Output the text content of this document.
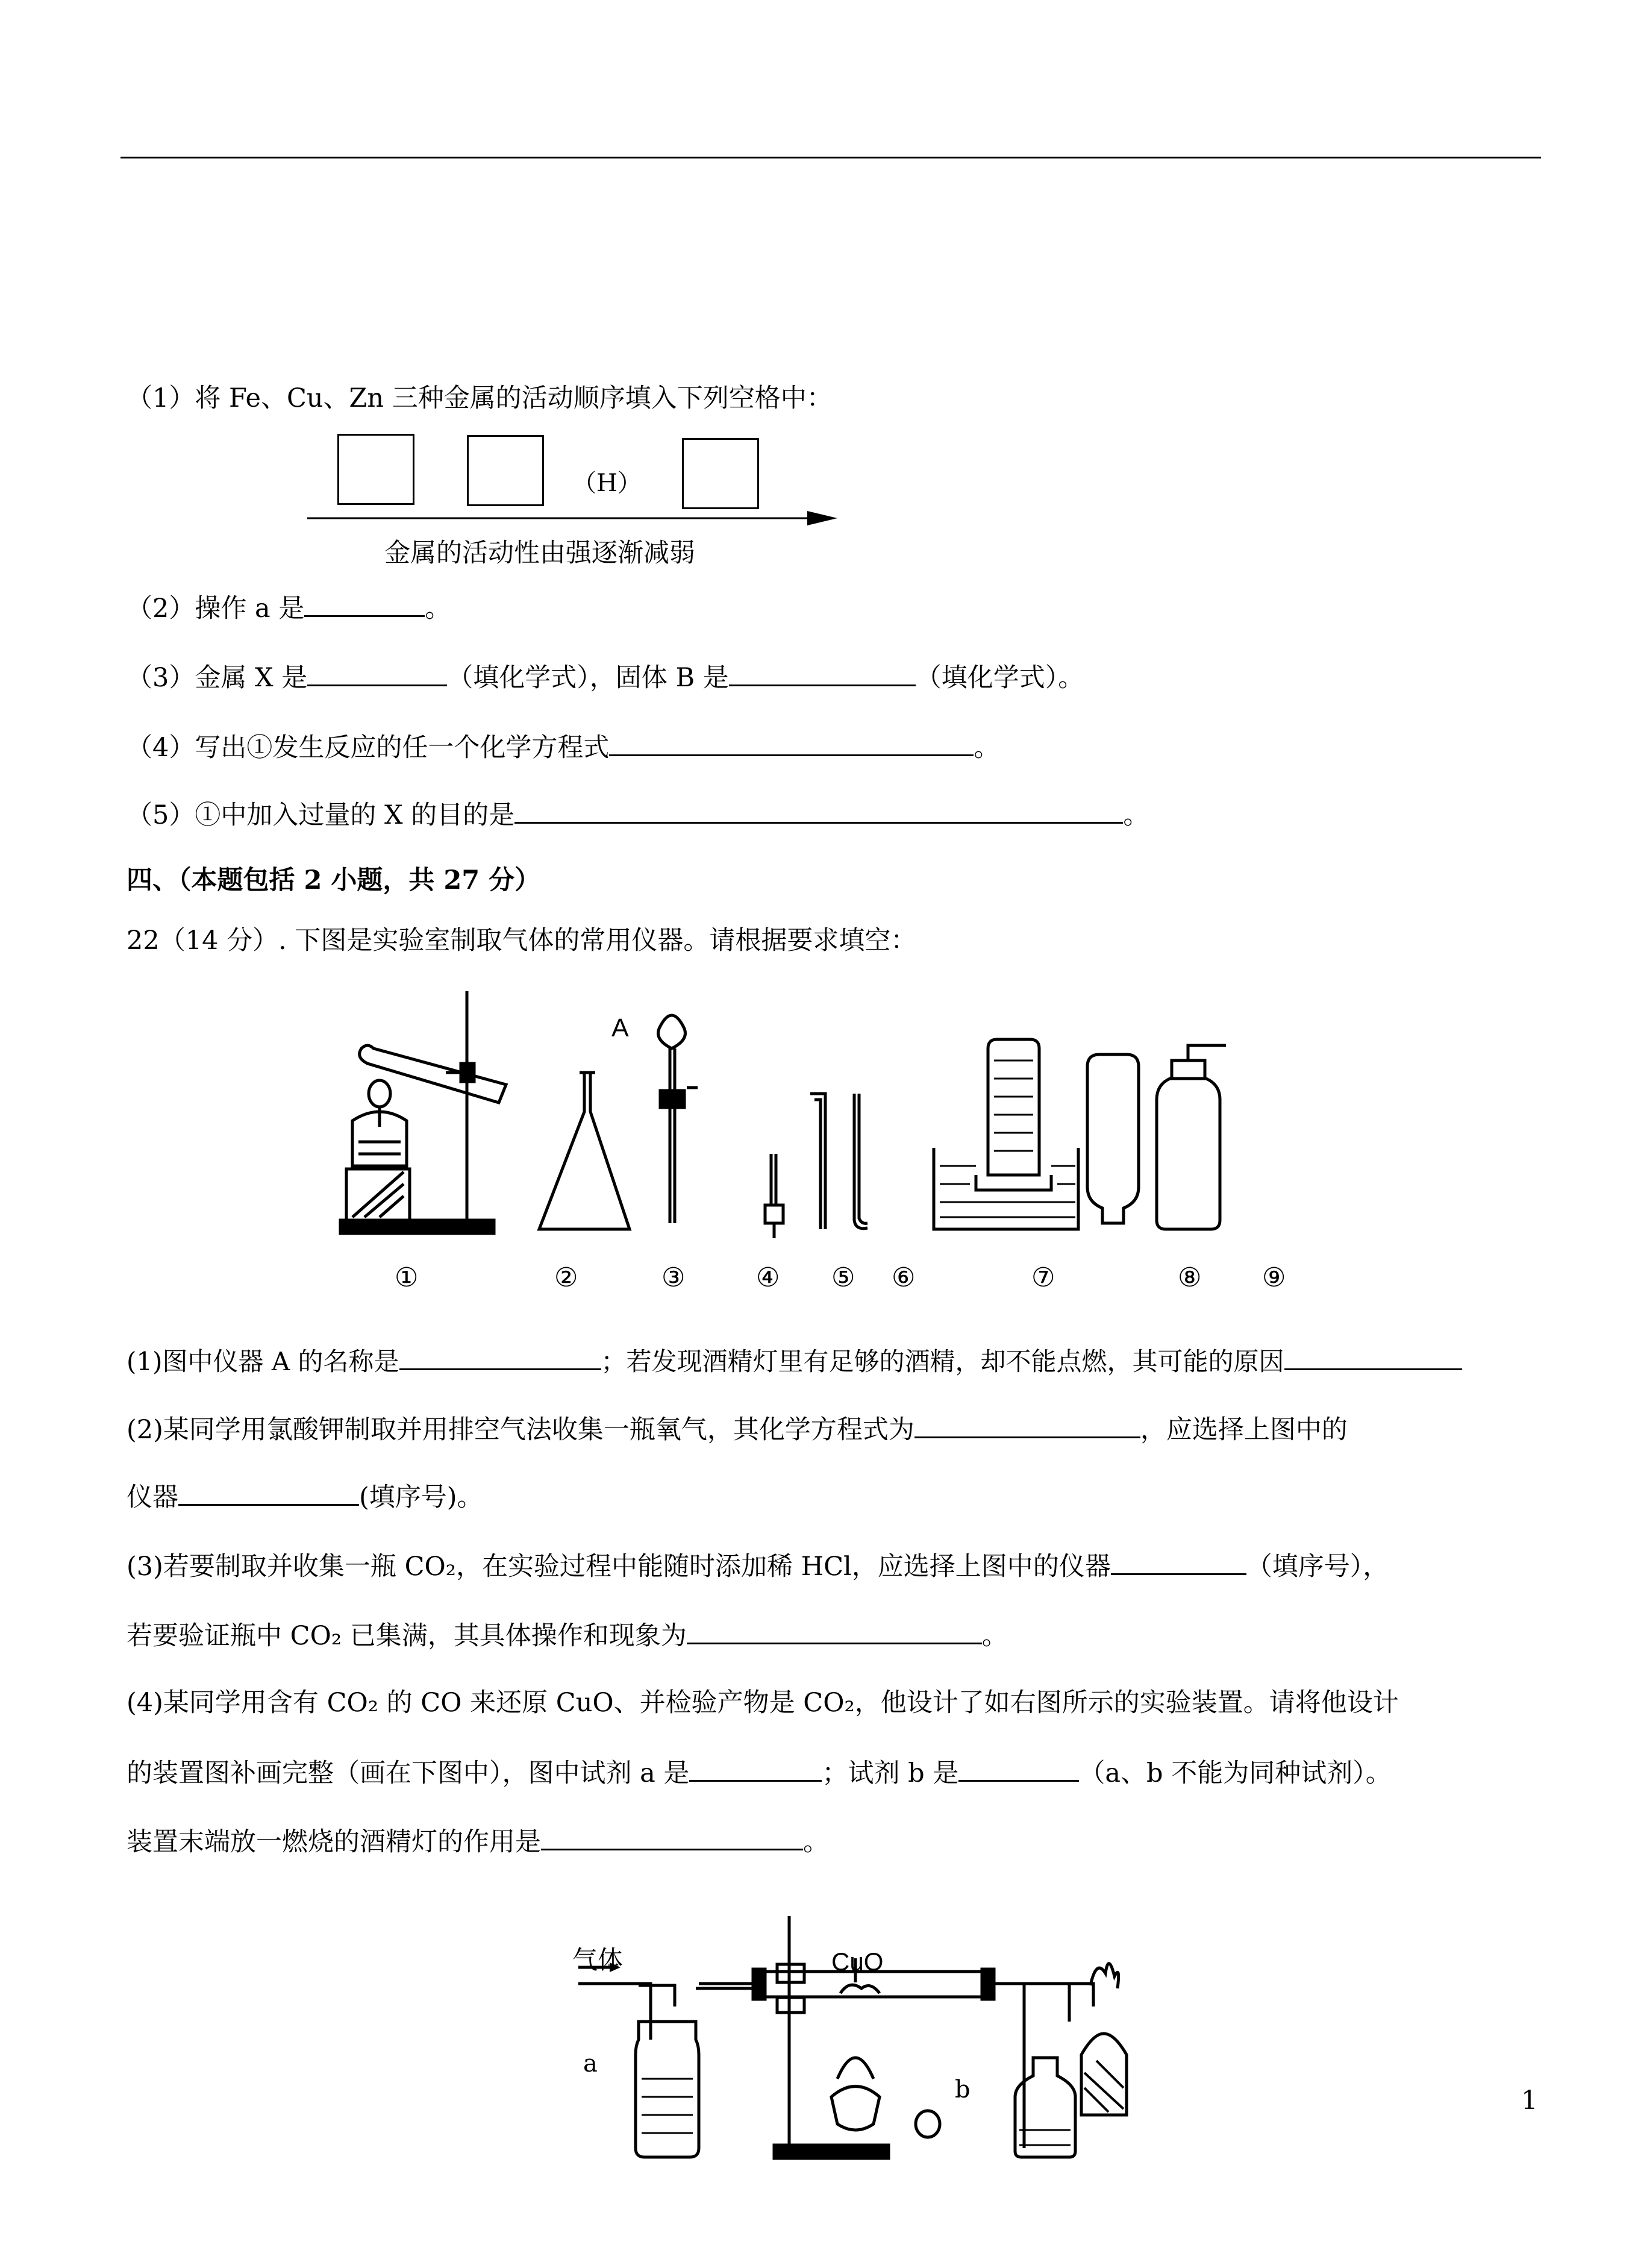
（1）将 Fe、Cu、Zn 三种金属的活动顺序填入下列空格中：
（H）
金属的活动性由强逐渐减弱
（2）操作 a 是	。
（3）金属 X 是	（填化学式），固体 B 是	（填化学式）。
（4）写出①发生反应的任一个化学方程式	。
（5）①中加入过量的 X 的目的是	。
四、（本题包括 2 小题，共 27 分）
22（14 分）. 下图是实验室制取气体的常用仪器。请根据要求填空：
A
①	②	③	④ ⑤ ⑥	⑦	⑧ ⑨
(1)图中仪器 A 的名称是	；若发现酒精灯里有足够的酒精，却不能点燃，其可能的原因
(2)某同学用氯酸钾制取并用排空气法收集一瓶氧气，其化学方程式为	，应选择上图中的
仪器	(填序号)。
(3)若要制取并收集一瓶 CO₂，在实验过程中能随时添加稀 HCl，应选择上图中的仪器	（填序号），
若要验证瓶中 CO₂ 已集满，其具体操作和现象为	。
(4)某同学用含有 CO₂ 的 CO 来还原 CuO、并检验产物是 CO₂，他设计了如右图所示的实验装置。请将他设计
的装置图补画完整（画在下图中），图中试剂 a 是	；试剂 b 是	（a、b 不能为同种试剂）。
装置末端放一燃烧的酒精灯的作用是	。
气体	CuO
a
b	1
